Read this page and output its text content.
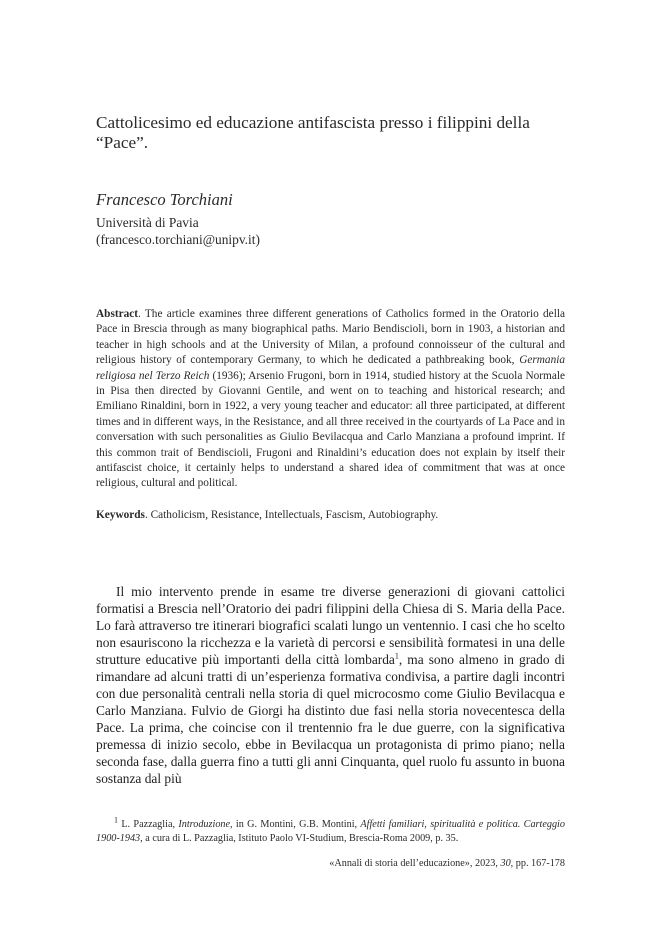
Cattolicesimo ed educazione antifascista presso i filippini della “Pace”.
Francesco Torchiani
Università di Pavia
(francesco.torchiani@unipv.it)

Abstract. The article examines three different generations of Catholics formed in the Oratorio della Pace in Brescia through as many biographical paths. Mario Bendiscioli, born in 1903, a historian and teacher in high schools and at the University of Milan, a profound connoisseur of the cultural and religious history of contemporary Germany, to which he dedicated a pathbreaking book, Germania religiosa nel Terzo Reich (1936); Arsenio Frugoni, born in 1914, studied history at the Scuola Normale in Pisa then directed by Giovanni Gentile, and went on to teaching and historical research; and Emiliano Rinaldini, born in 1922, a very young teacher and educator: all three participated, at different times and in different ways, in the Resistance, and all three received in the courtyards of La Pace and in conversation with such personalities as Giulio Bevilacqua and Carlo Manziana a profound imprint. If this common trait of Bendiscioli, Frugoni and Rinaldini’s education does not explain by itself their antifascist choice, it certainly helps to understand a shared idea of commitment that was at once religious, cultural and political.

Keywords. Catholicism, Resistance, Intellectuals, Fascism, Autobiography.

Il mio intervento prende in esame tre diverse generazioni di giovani cattolici formatisi a Brescia nell’Oratorio dei padri filippini della Chiesa di S. Maria della Pace. Lo farà attraverso tre itinerari biografici scalati lungo un ventennio. I casi che ho scelto non esauriscono la ricchezza e la varietà di percorsi e sensibilità formatesi in una delle strutture educative più importanti della città lombarda$^1$, ma sono almeno in grado di rimandare ad alcuni tratti di un’esperienza formativa condivisa, a partire dagli incontri con due personalità centrali nella storia di quel microcosmo come Giulio Bevilacqua e Carlo Manziana. Fulvio de Giorgi ha distinto due fasi nella storia novecentesca della Pace. La prima, che coincise con il trentennio fra le due guerre, con la significativa premessa di inizio secolo, ebbe in Bevilacqua un protagonista di primo piano; nella seconda fase, dalla guerra fino a tutti gli anni Cinquanta, quel ruolo fu assunto in buona sostanza dal più

$^1$ L. Pazzaglia, Introduzione, in G. Montini, G.B. Montini, Affetti familiari, spiritualità e politica. Carteggio 1900-1943, a cura di L. Pazzaglia, Istituto Paolo VI-Studium, Brescia-Roma 2009, p. 35.

«Annali di storia dell’educazione», 2023, 30, pp. 167-178
